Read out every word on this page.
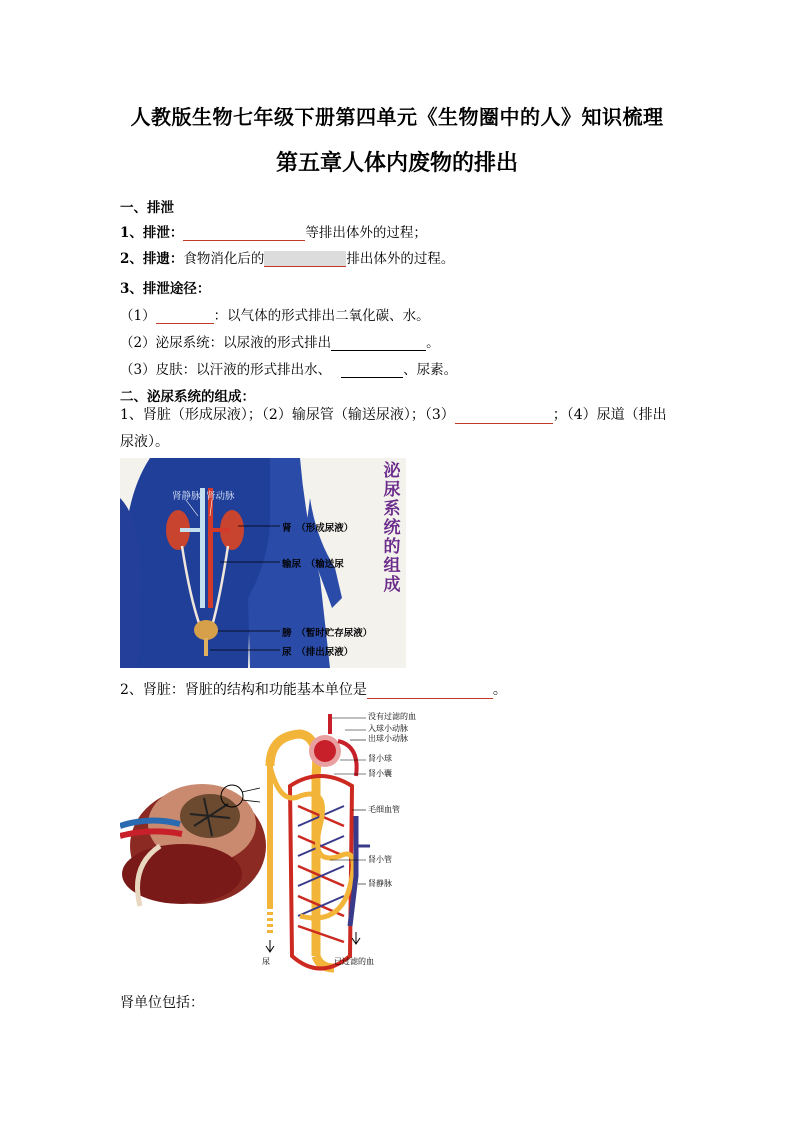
人教版生物七年级下册第四单元《生物圈中的人》知识梳理
第五章人体内废物的排出
一、排泄
1、排泄：	等排出体外的过程；
2、排遗：食物消化后的	排出体外的过程。
3、排泄途径：
（1）	：以气体的形式排出二氧化碳、水。
（2）泌尿系统：以尿液的形式排出	。
（3）皮肤：以汗液的形式排出水、	、尿素。
二、泌尿系统的组成：
1、肾脏（形成尿液）；（2）输尿管（输送尿液）；（3）	；（4）尿道（排出
尿液）。
肾静脉 肾动脉
肾　（形成尿液）
输尿　（输送尿
膀　（暂时贮存尿液）
尿　（排出尿液）
泌
尿
系
统
的
组
成
2、肾脏：肾脏的结构和功能基本单位是	。
没有过滤的血
入球小动脉
出球小动脉
肾小球
肾小囊
毛细血管
肾小管
肾静脉
尿	已过滤的血
肾单位包括：
